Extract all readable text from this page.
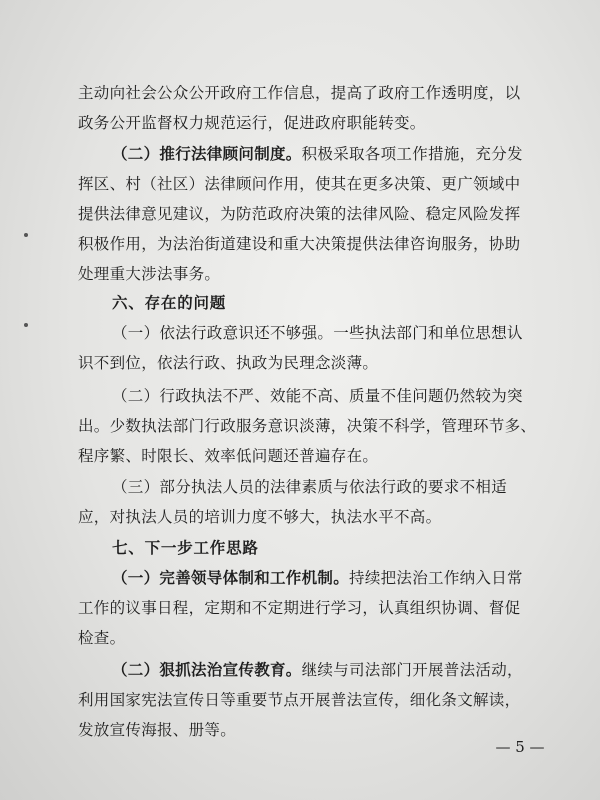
主动向社会公众公开政府工作信息，提高了政府工作透明度，以
政务公开监督权力规范运行，促进政府职能转变。
（二）推行法律顾问制度。积极采取各项工作措施，充分发
挥区、村（社区）法律顾问作用，使其在更多决策、更广领域中
提供法律意见建议，为防范政府决策的法律风险、稳定风险发挥
积极作用，为法治街道建设和重大决策提供法律咨询服务，协助
处理重大涉法事务。
六、存在的问题
（一）依法行政意识还不够强。一些执法部门和单位思想认
识不到位，依法行政、执政为民理念淡薄。
（二）行政执法不严、效能不高、质量不佳问题仍然较为突
出。少数执法部门行政服务意识淡薄，决策不科学，管理环节多、
程序繁、时限长、效率低问题还普遍存在。
（三）部分执法人员的法律素质与依法行政的要求不相适
应，对执法人员的培训力度不够大，执法水平不高。
七、下一步工作思路
（一）完善领导体制和工作机制。持续把法治工作纳入日常
工作的议事日程，定期和不定期进行学习，认真组织协调、督促
检查。
（二）狠抓法治宣传教育。继续与司法部门开展普法活动，
利用国家宪法宣传日等重要节点开展普法宣传，细化条文解读，
发放宣传海报、册等。
— 5 —
